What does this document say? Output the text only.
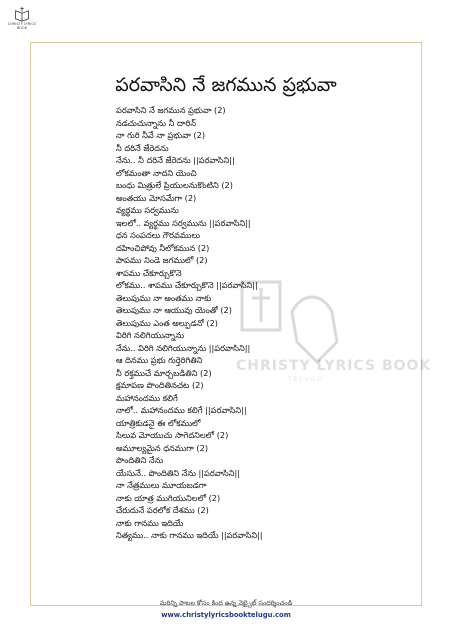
CHRISTY LYRICS BOOK
పరవాసిని నే జగమున ప్రభువా
CHRISTY LYRICS BOOK
TELUGU
పరవాసిని నే జగమున ప్రభువా (2)
నడచుచున్నాను నీ దారిన్
నా గురి నీవే నా ప్రభువా (2)
నీ దరినే జేరెదను
నేను.. నీ దరినే జేరెదను ||పరవాసిని||
లోకమంతా నాదని యెంచి
బంధు మిత్రులే ప్రియులనుకొంటిని (2)
అంతయు మోసమేగా (2)
వ్యర్థము సర్వమును
ఇలలో.. వ్యర్థము సర్వమును ||పరవాసిని||
ధన సంపదలు గౌరవములు
దహించిపోవు నీలోకమున (2)
పాపము నిండె జగములో (2)
శాపము చేకూర్చుకొనె
లోకము.. శాపము చేకూర్చుకొనె ||పరవాసిని||
తెలుపుము నా అంతము నాకు
తెలుపుము నా ఆయువు యెంతో (2)
తెలుపుము ఎంత అల్పుడనో (2)
విరిగి నలిగియున్నాను
నేను.. విరిగి నలిగియున్నాను ||పరవాసిని||
ఆ దినము ప్రభు గుర్తెరిగితిని
నీ రక్తముచే మార్చబడితిని (2)
క్షమాపణ పొందితినచట (2)
మహానందము కలిగే
నాలో.. మహానందము కలిగే ||పరవాసిని||
యాత్రికుడనై ఈ లోకములో
సిలువ మోయుచు సాగెదనిలలో (2)
అమూల్యమైన ధనముగా (2)
పొందితిని నేను
యేసునే.. పొందితిని నేను ||పరవాసిని||
నా నేత్రములు మూయబడగా
నాకు యాత్ర ముగియునిలలో (2)
చేరుదునే పరలోక దేశము (2)
నాకు గానము ఇదియే
నిత్యము.. నాకు గానము ఇదియే ||పరవాసిని||
మరిన్ని పాటల కోసం కింద ఉన్న వెబ్సైట్ సందర్శించండి
www.christylyricsbooktelugu.com
